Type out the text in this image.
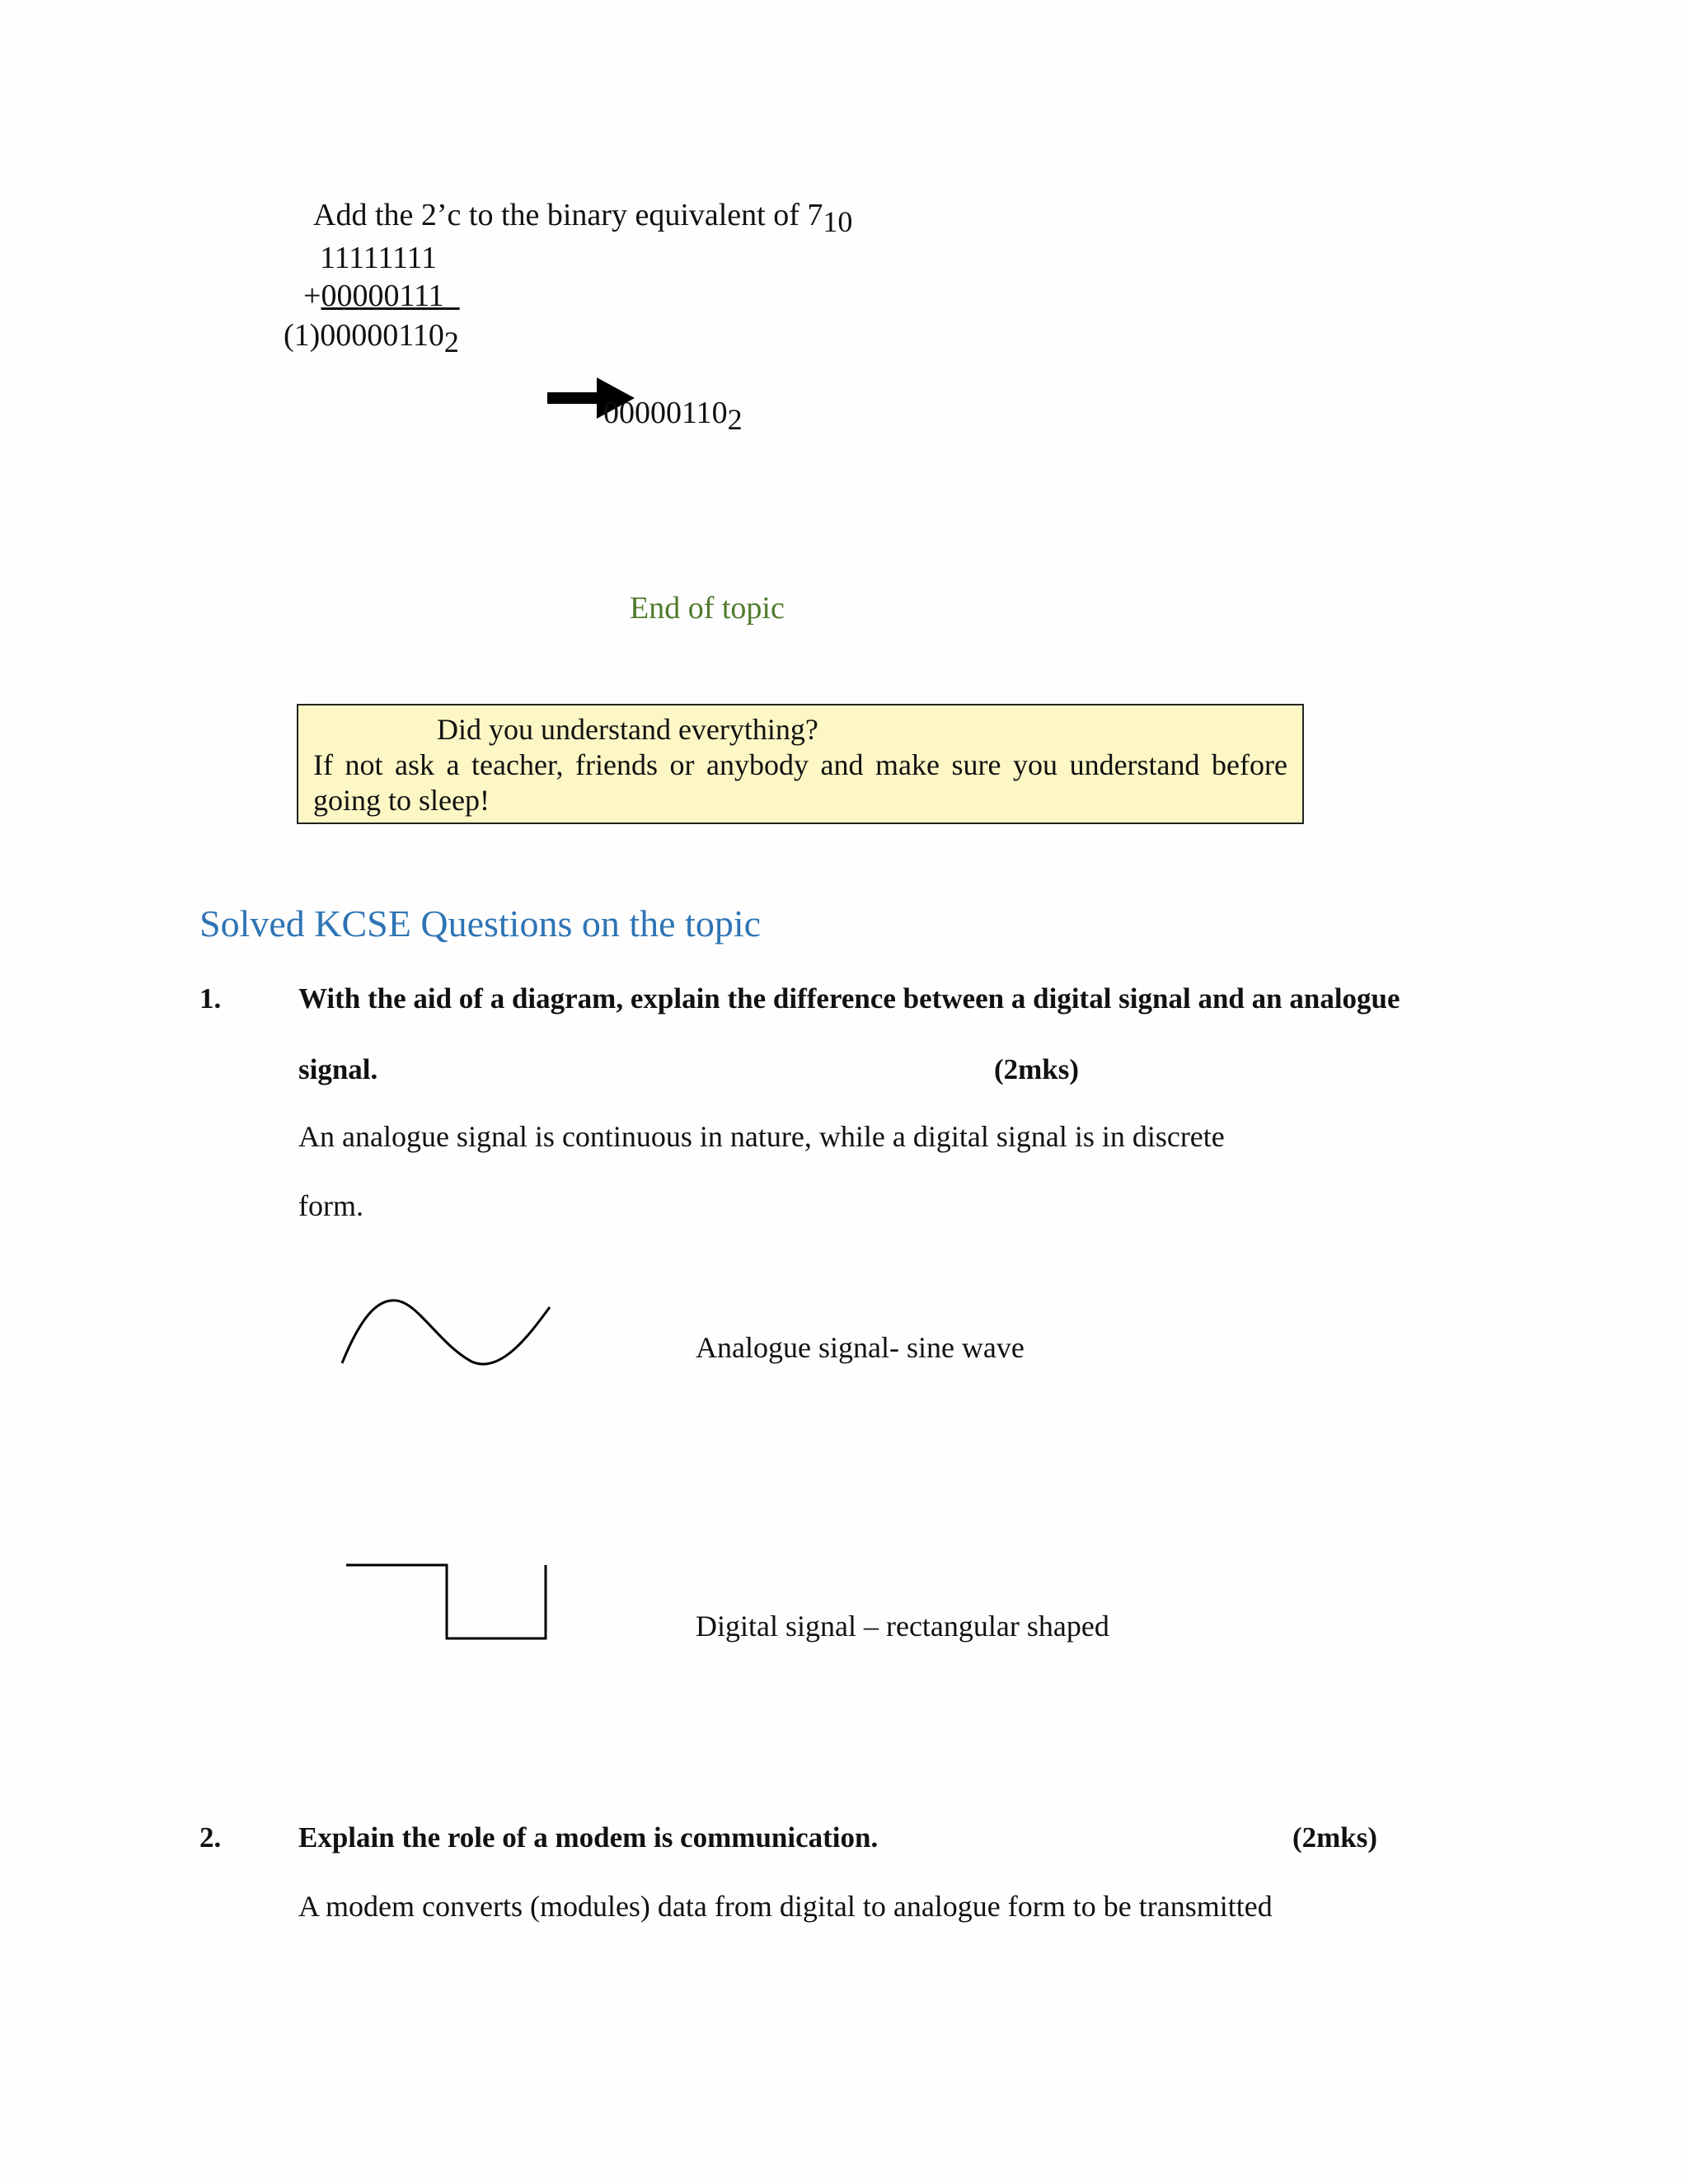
Add the 2’c to the binary equivalent of 710
11111111
+00000111
(1)000001102
000001102
End of topic
Did you understand everything?
If not ask a teacher, friends or anybody and make sure you understand before
going to sleep!
Solved KCSE Questions on the topic
1.	With the aid of a diagram, explain the difference between a digital signal and an analogue
signal.	(2mks)
An analogue signal is continuous in nature, while a digital signal is in discrete
form.
Analogue signal- sine wave
Digital signal – rectangular shaped
2.	Explain the role of a modem is communication.	(2mks)
A modem converts (modules) data from digital to analogue form to be transmitted
